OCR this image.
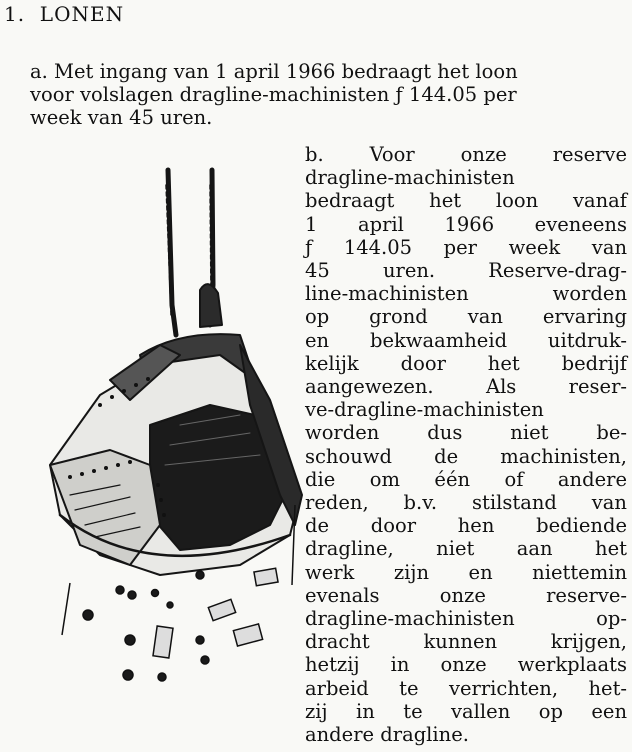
1.  LONEN
a. Met ingang van 1 april 1966 bedraagt het loon
voor volslagen dragline-machinisten ƒ 144.05 per
week van 45 uren.
b. Voor onze reserve
dragline-machinisten
bedraagt het loon vanaf
1 april 1966 eveneens
ƒ 144.05 per week van
45 uren. Reserve-drag-
line-machinisten worden
op grond van ervaring
en bekwaamheid uitdruk-
kelijk door het bedrijf
aangewezen. Als reser-
ve-dragline-machinisten
worden dus niet be-
schouwd de machinisten,
die om één of andere
reden, b.v. stilstand van
de door hen bediende
dragline, niet aan het
werk zijn en niettemin
evenals onze reserve-
dragline-machinisten op-
dracht kunnen krijgen,
hetzij in onze werkplaats
arbeid te verrichten, het-
zij in te vallen op een
andere dragline.
